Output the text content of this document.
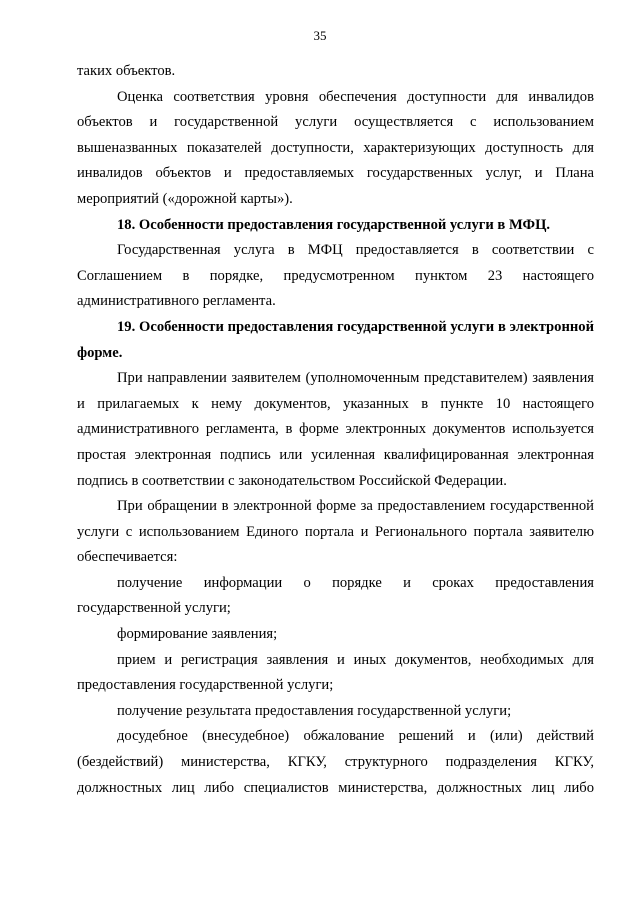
35

таких объектов.

Оценка соответствия уровня обеспечения доступности для инвалидов объектов и государственной услуги осуществляется с использованием вышеназванных показателей доступности, характеризующих доступность для инвалидов объектов и предоставляемых государственных услуг, и Плана мероприятий («дорожной карты»).

18. Особенности предоставления государственной услуги в МФЦ.

Государственная услуга в МФЦ предоставляется в соответствии с Соглашением в порядке, предусмотренном пунктом 23 настоящего административного регламента.

19. Особенности предоставления государственной услуги в электронной форме.

При направлении заявителем (уполномоченным представителем) заявления и прилагаемых к нему документов, указанных в пункте 10 настоящего административного регламента, в форме электронных документов используется простая электронная подпись или усиленная квалифицированная электронная подпись в соответствии с законодательством Российской Федерации.

При обращении в электронной форме за предоставлением государственной услуги с использованием Единого портала и Регионального портала заявителю обеспечивается:

получение информации о порядке и сроках предоставления государственной услуги;

формирование заявления;

прием и регистрация заявления и иных документов, необходимых для предоставления государственной услуги;

получение результата предоставления государственной услуги;

досудебное (внесудебное) обжалование решений и (или) действий (бездействий) министерства, КГКУ, структурного подразделения КГКУ, должностных лиц либо специалистов министерства, должностных лиц либо
